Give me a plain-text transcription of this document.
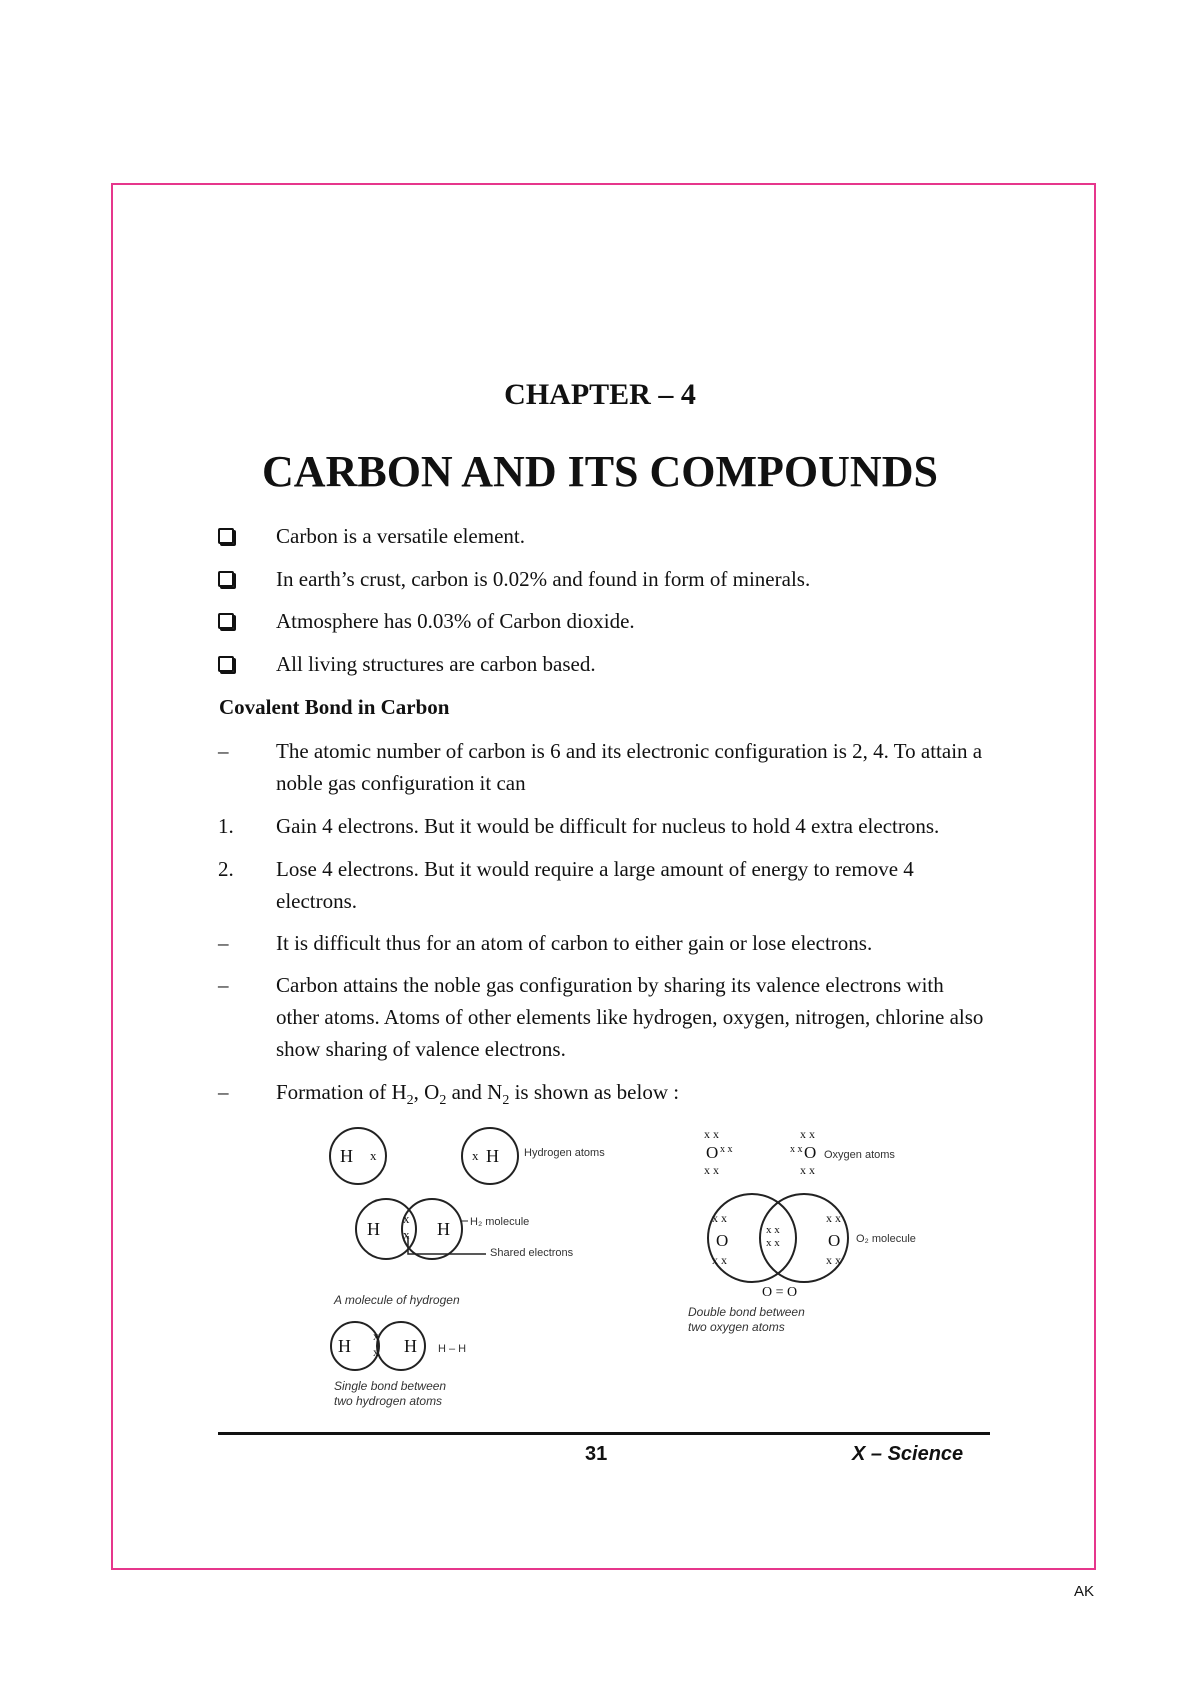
CHAPTER – 4
CARBON AND ITS COMPOUNDS
Carbon is a versatile element.
In earth’s crust, carbon is 0.02% and found in form of minerals.
Atmosphere has 0.03% of Carbon dioxide.
All living structures are carbon based.
Covalent Bond in Carbon
– The atomic number of carbon is 6 and its electronic configuration is 2, 4. To attain a noble gas configuration it can
1. Gain 4 electrons. But it would be difficult for nucleus to hold 4 extra electrons.
2. Lose 4 electrons. But it would require a large amount of energy to remove 4 electrons.
– It is difficult thus for an atom of carbon to either gain or lose electrons.
– Carbon attains the noble gas configuration by sharing its valence electrons with other atoms. Atoms of other elements like hydrogen, oxygen, nitrogen, chlorine also show sharing of valence electrons.
– Formation of $H_2$, $O_2$ and $N_2$ is shown as below :
H x	x H
H
x
x H
H x
x H
Hydrogen atoms
H₂ molecule
Shared electrons
H – H
A molecule of hydrogen
Single bond between
two hydrogen atoms
x x
O x x
x x
x x
O
x x
x x
x x
O
x x
x x
x x
x x
O
x x
O = O
Oxygen atoms
O₂ molecule
Double bond between
two oxygen atoms
31	X – Science
AK
